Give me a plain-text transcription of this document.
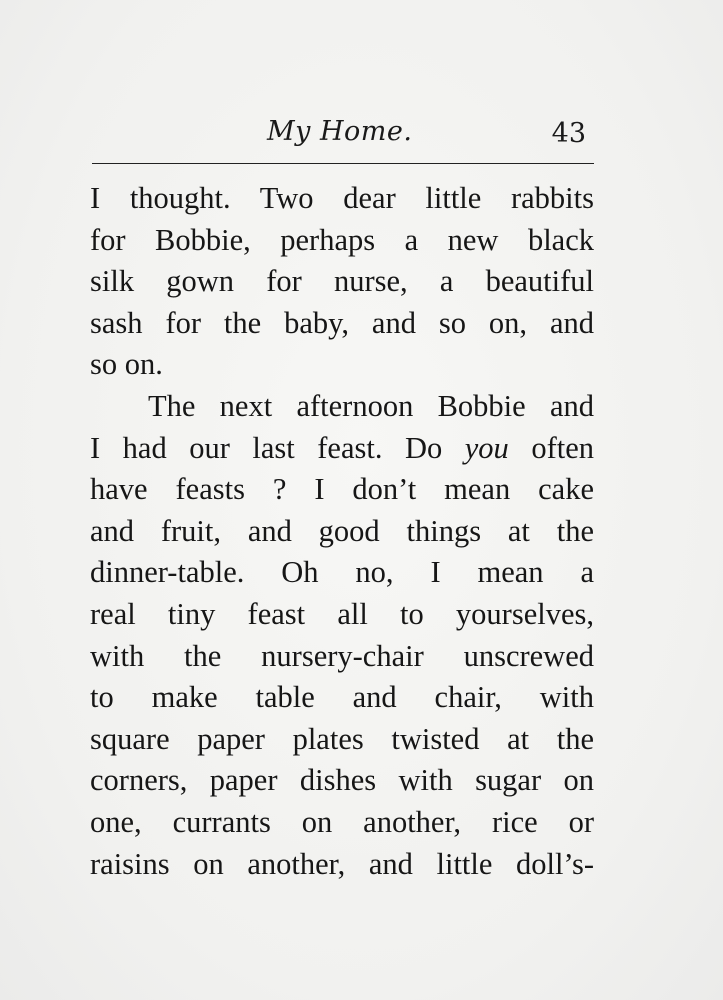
My Home.	43
I thought. Two dear little rabbits
for Bobbie, perhaps a new black
silk gown for nurse, a beautiful
sash for the baby, and so on, and
so on.
The next afternoon Bobbie and
I had our last feast. Do you often
have feasts ? I don’t mean cake
and fruit, and good things at the
dinner-table. Oh no, I mean a
real tiny feast all to yourselves,
with the nursery-chair unscrewed
to make table and chair, with
square paper plates twisted at the
corners, paper dishes with sugar on
one, currants on another, rice or
raisins on another, and little doll’s-
